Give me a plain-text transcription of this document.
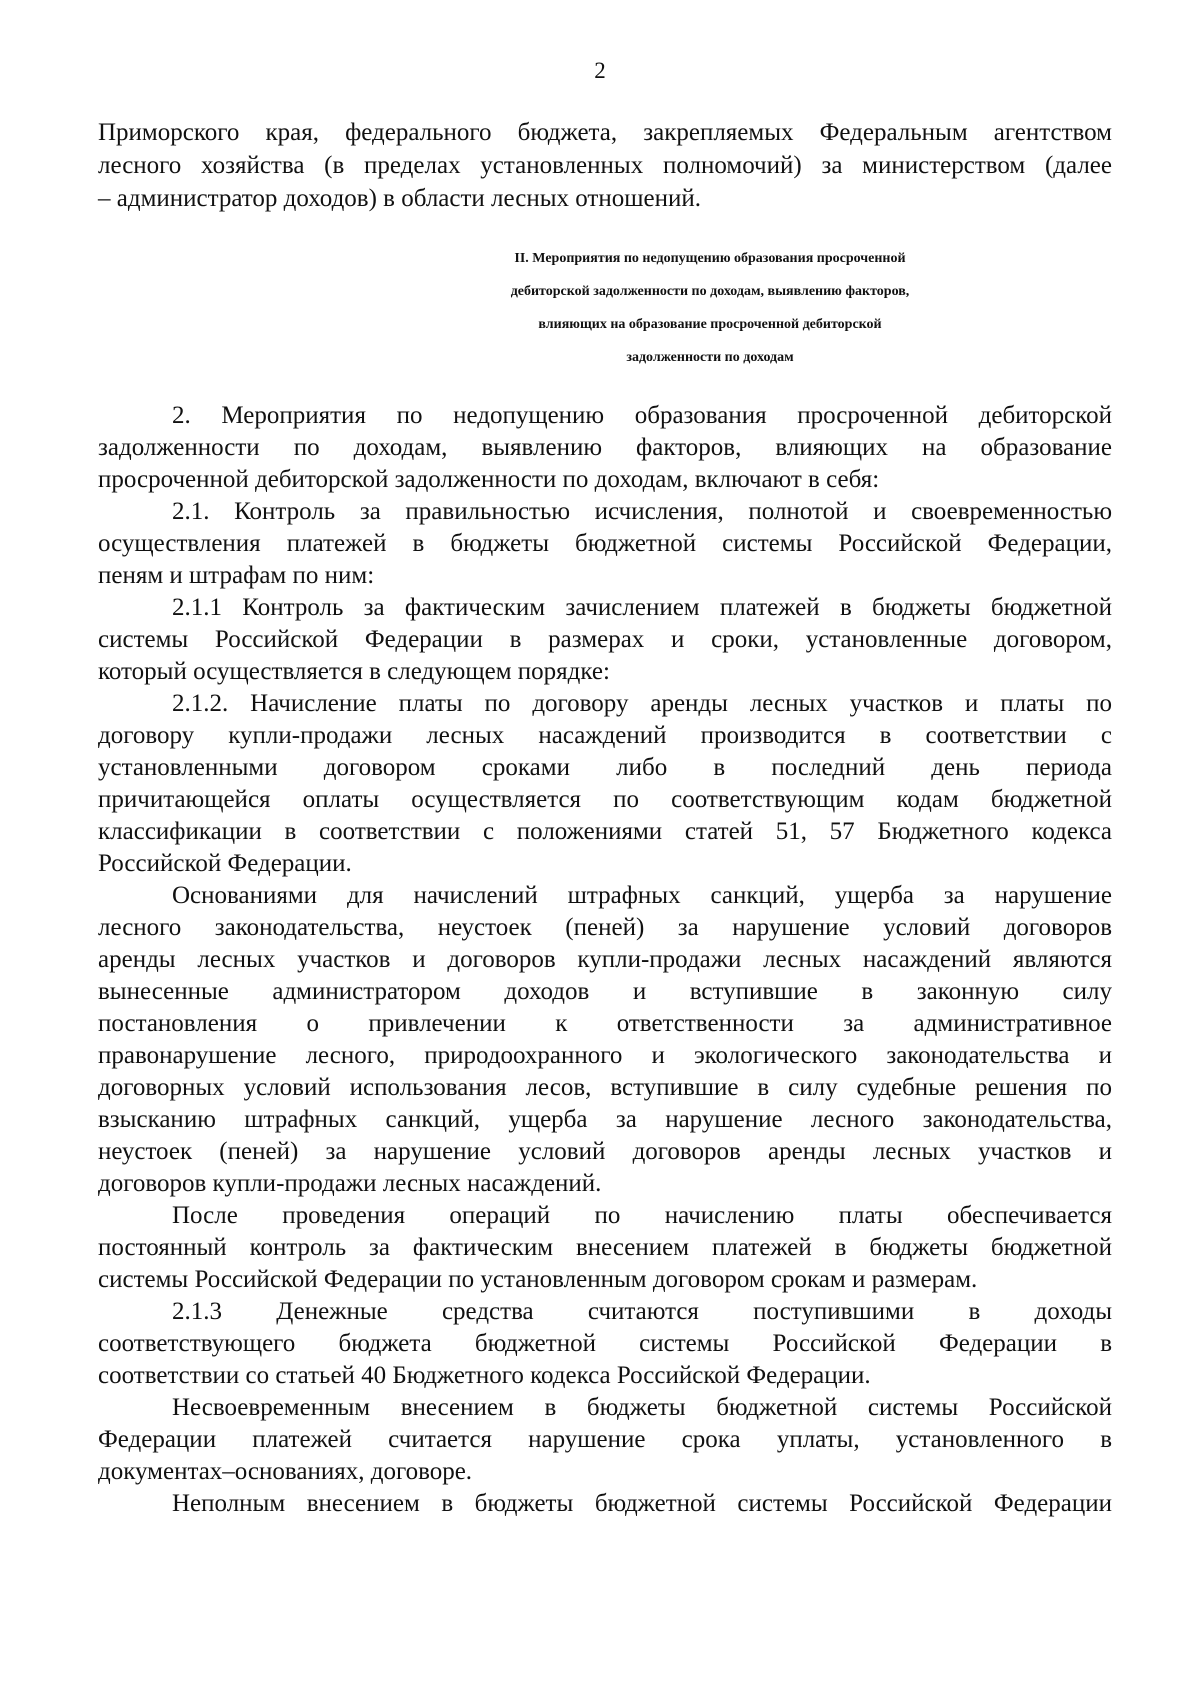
2
Приморского края, федерального бюджета, закрепляемых Федеральным агентством
лесного хозяйства (в пределах установленных полномочий) за министерством (далее
– администратор доходов) в области лесных отношений.
II. Мероприятия по недопущению образования просроченной
дебиторской задолженности по доходам, выявлению факторов,
влияющих на образование просроченной дебиторской
задолженности по доходам
2. Мероприятия по недопущению образования просроченной дебиторской
задолженности по доходам, выявлению факторов, влияющих на образование
просроченной дебиторской задолженности по доходам, включают в себя:
2.1. Контроль за правильностью исчисления, полнотой и своевременностью
осуществления платежей в бюджеты бюджетной системы Российской Федерации,
пеням и штрафам по ним:
2.1.1 Контроль за фактическим зачислением платежей в бюджеты бюджетной
системы Российской Федерации в размерах и сроки, установленные договором,
который осуществляется в следующем порядке:
2.1.2. Начисление платы по договору аренды лесных участков и платы по
договору купли-продажи лесных насаждений производится в соответствии с
установленными договором сроками либо в последний день периода
причитающейся оплаты осуществляется по соответствующим кодам бюджетной
классификации в соответствии с положениями статей 51, 57 Бюджетного кодекса
Российской Федерации.
Основаниями для начислений штрафных санкций, ущерба за нарушение
лесного законодательства, неустоек (пеней) за нарушение условий договоров
аренды лесных участков и договоров купли-продажи лесных насаждений являются
вынесенные администратором доходов и вступившие в законную силу
постановления о привлечении к ответственности за административное
правонарушение лесного, природоохранного и экологического законодательства и
договорных условий использования лесов, вступившие в силу судебные решения по
взысканию штрафных санкций, ущерба за нарушение лесного законодательства,
неустоек (пеней) за нарушение условий договоров аренды лесных участков и
договоров купли-продажи лесных насаждений.
После проведения операций по начислению платы обеспечивается
постоянный контроль за фактическим внесением платежей в бюджеты бюджетной
системы Российской Федерации по установленным договором срокам и размерам.
2.1.3 Денежные средства считаются поступившими в доходы
соответствующего бюджета бюджетной системы Российской Федерации в
соответствии со статьей 40 Бюджетного кодекса Российской Федерации.
Несвоевременным внесением в бюджеты бюджетной системы Российской
Федерации платежей считается нарушение срока уплаты, установленного в
документах–основаниях, договоре.
Неполным внесением в бюджеты бюджетной системы Российской Федерации
